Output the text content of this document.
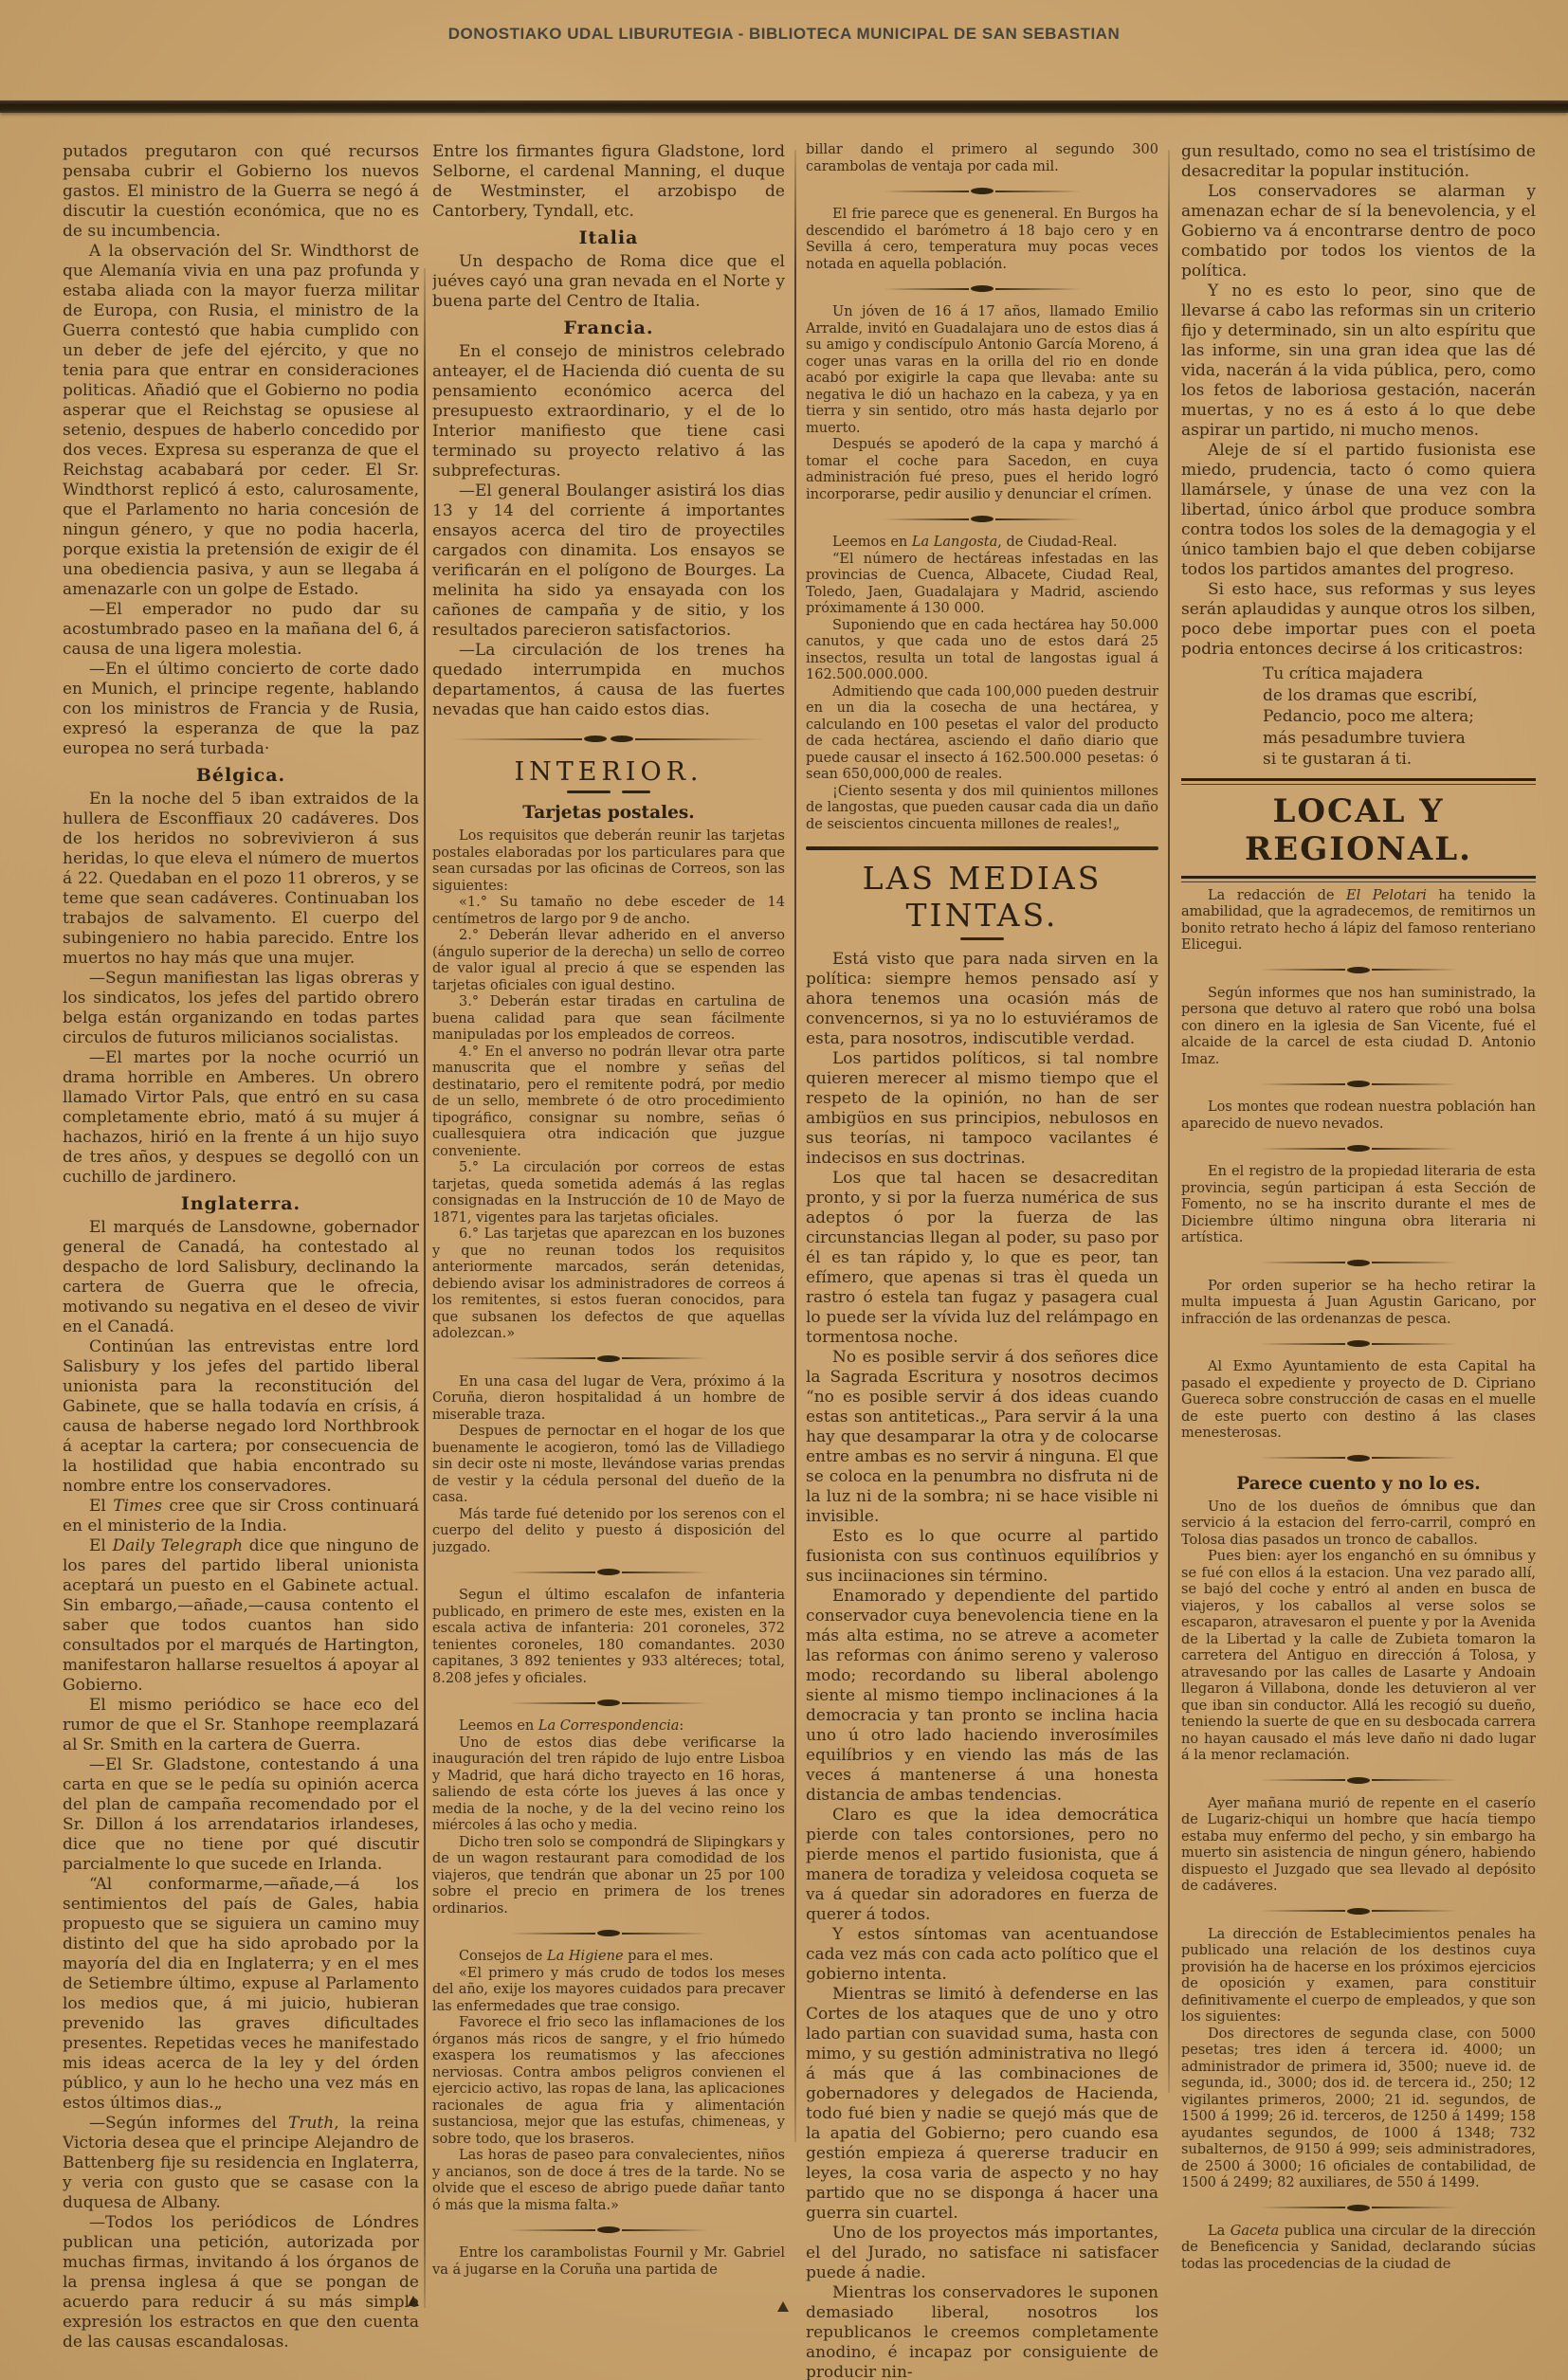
DONOSTIAKO UDAL LIBURUTEGIA - BIBLIOTECA MUNICIPAL DE SAN SEBASTIAN

putados pregutaron con qué recursos pensaba cubrir el Gobierno los nuevos gastos. El ministro de la Guerra se negó á discutir la cuestión económica, que no es de su incumbencia.

A la observación del Sr. Windthorst de que Alemanía vivia en una paz profunda y estaba aliada con la mayor fuerza militar de Europa, con Rusia, el ministro de la Guerra contestó que habia cumplido con un deber de jefe del ejército, y que no tenia para que entrar en consideraciones politicas. Añadió que el Gobierno no podia asperar que el Reichstag se opusiese al setenio, despues de haberlo concedido por dos veces. Expresa su esperanza de que el Reichstag acababará por ceder. El Sr. Windthorst replicó á esto, calurosamente, que el Parlamento no haria concesión de ningun género, y que no podia hacerla, porque existia la pretensión de exigir de él una obediencia pasiva, y aun se llegaba á amenazarle con un golpe de Estado.

—El emperador no pudo dar su acostumbrado paseo en la mañana del 6, á causa de una ligera molestia.

—En el último concierto de corte dado en Munich, el principe regente, hablando con los ministros de Francia y de Rusia, expresó la esperanza de que la paz europea no será turbada·

Bélgica.

En la noche del 5 iban extraidos de la hullera de Esconffiaux 20 cadáveres. Dos de los heridos no sobrevivieron á sus heridas, lo que eleva el número de muertos á 22. Quedaban en el pozo 11 obreros, y se teme que sean cadáveres. Continuaban los trabajos de salvamento. El cuerpo del subingeniero no habia parecido. Entre los muertos no hay más que una mujer.

—Segun manifiestan las ligas obreras y los sindicatos, los jefes del partido obrero belga están organizando en todas partes circulos de futuros milicianos socialistas.

—El martes por la noche ocurrió un drama horrible en Amberes. Un obrero llamado Virtor Pals, que entró en su casa completamente ebrio, mató á su mujer á hachazos, hirió en la frente á un hijo suyo de tres años, y despues se degolló con un cuchillo de jardinero.

Inglaterra.

El marqués de Lansdowne, gobernador general de Canadá, ha contestado al despacho de lord Salisbury, declinando la cartera de Guerra que le ofrecia, motivando su negativa en el deseo de vivir en el Canadá.

Continúan las entrevistas entre lord Salisbury y los jefes del partido liberal unionista para la reconstitución del Gabinete, que se halla todavía en crísis, á causa de haberse negado lord Northbrook á aceptar la cartera; por consecuencia de la hostilidad que habia encontrado su nombre entre los conservadores.

El Times cree que sir Cross continuará en el ministerio de la India.

El Daily Telegraph dice que ninguno de los pares del partido liberal unionista aceptará un puesto en el Gabinete actual. Sin embargo,—añade,—causa contento el saber que todos cuantos han sido consultados por el marqués de Hartington, manifestaron hallarse resueltos á apoyar al Gobierno.

El mismo periódico se hace eco del rumor de que el Sr. Stanhope reemplazará al Sr. Smith en la cartera de Guerra.

—El Sr. Gladstone, contestando á una carta en que se le pedía su opinión acerca del plan de campaña recomendado por el Sr. Dillon á los arrendatarios irlandeses, dice que no tiene por qué discutir parcialmente lo que sucede en Irlanda.

“Al conformarme,—añade,—á los sentimientos del país de Gales, habia propuesto que se siguiera un camino muy distinto del que ha sido aprobado por la mayoría del dia en Inglaterra; y en el mes de Setiembre último, expuse al Parlamento los medios que, á mi juicio, hubieran prevenido las graves dificultades presentes. Repetidas veces he manifestado mis ideas acerca de la ley y del órden público, y aun lo he hecho una vez más en estos últimos dias.„

—Según informes del Truth, la reina Victoria desea que el principe Alejandro de Battenberg fije su residencia en Inglaterra, y veria con gusto que se casase con la duquesa de Albany.

—Todos los periódicos de Lóndres publican una petición, autorizada por muchas firmas, invitando á los órganos de la prensa inglesa á que se pongan de acuerdo para reducir á su más simple expresión los estractos en que den cuenta de las causas escandalosas.

Entre los firmantes figura Gladstone, lord Selborne, el cardenal Manning, el duque de Westminster, el arzobispo de Cantorbery, Tyndall, etc.

Italia

Un despacho de Roma dice que el juéves cayó una gran nevada en el Norte y buena parte del Centro de Italia.

Francia.

En el consejo de ministros celebrado anteayer, el de Hacienda dió cuenta de su pensamiento económico acerca del presupuesto extraordinario, y el de lo Interior manifiesto que tiene casi terminado su proyecto relativo á las subprefecturas.

—El general Boulanger asistirá los dias 13 y 14 del corriente á importantes ensayos acerca del tiro de proyectiles cargados con dinamita. Los ensayos se verificarán en el polígono de Bourges. La melinita ha sido ya ensayada con los cañones de campaña y de sitio, y los resultados parecieron satisfactorios.

—La circulación de los trenes ha quedado interrumpida en muchos departamentos, á causa de las fuertes nevadas que han caido estos dias.

INTERIOR.
Tarjetas postales.

Los requisitos que deberán reunir las tarjetas postales elaboradas por los particulares para que sean cursadas por las oficinas de Correos, son las siguientes:

«1.° Su tamaño no debe esceder de 14 centímetros de largo por 9 de ancho.

2.° Deberán llevar adherido en el anverso (ángulo superior de la derecha) un sello de correo de valor igual al precio á que se espenden las tarjetas oficiales con igual destino.

3.° Deberán estar tiradas en cartulina de buena calidad para que sean fácilmente manipuladas por los empleados de correos.

4.° En el anverso no podrán llevar otra parte manuscrita que el nombre y señas del destinatario, pero el remitente podrá, por medio de un sello, membrete ó de otro procedimiento tipográfico, consignar su nombre, señas ó cuallesquiera otra indicación que juzgue conveniente.

5.° La circulación por correos de estas tarjetas, queda sometida además á las reglas consignadas en la Instrucción de 10 de Mayo de 1871, vigentes para las tarjetas oficiales.

6.° Las tarjetas que aparezcan en los buzones y que no reunan todos los requisitos anteriormente marcados, serán detenidas, debiendo avisar los administradores de correos á los remitentes, si estos fueran conocidos, para que subsanen los defectos de que aquellas adolezcan.»

En una casa del lugar de Vera, próximo á la Coruña, dieron hospitalidad á un hombre de miserable traza.

Despues de pernoctar en el hogar de los que buenamente le acogieron, tomó las de Villadiego sin decir oste ni moste, llevándose varias prendas de vestir y la cédula personal del dueño de la casa.

Más tarde fué detenido por los serenos con el cuerpo del delito y puesto á disposición del juzgado.

Segun el último escalafon de infanteria publicado, en primero de este mes, existen en la escala activa de infanteria: 201 coroneles, 372 tenientes coroneles, 180 comandantes. 2030 capitanes, 3 892 tenientes y 933 altéreces; total, 8.208 jefes y oficiales.

Leemos en La Correspondencia:

Uno de estos dias debe verificarse la inauguración del tren rápido de lujo entre Lisboa y Madrid, que hará dicho trayecto en 16 horas, saliendo de esta córte los jueves á las once y media de la noche, y de la del vecino reino los miércoles á las ocho y media.

Dicho tren solo se compondrá de Slipingkars y de un wagon restaurant para comodidad de los viajeros, que tendrán que abonar un 25 por 100 sobre el precio en primera de los trenes ordinarios.

Consejos de La Higiene para el mes.

«El primero y más crudo de todos los meses del año, exije los mayores cuidados para precaver las enfermedades que trae consigo.

Favorece el frio seco las inflamaciones de los órganos más ricos de sangre, y el frio húmedo exaspera los reumatismos y las afecciones nerviosas. Contra ambos peligros convienen el ejercicio activo, las ropas de lana, las aplicaciones racionales de agua fria y alimentación sustanciosa, mejor que las estufas, chimeneas, y sobre todo, que los braseros.

Las horas de paseo para convalecientes, niños y ancianos, son de doce á tres de la tarde. No se olvide que el esceso de abrigo puede dañar tanto ó más que la misma falta.»

Entre los carambolistas Fournil y Mr. Gabriel va á jugarse en la Coruña una partida de

billar dando el primero al segundo 300 carambolas de ventaja por cada mil.

El frie parece que es geneneral. En Burgos ha descendido el barómetro á 18 bajo cero y en Sevilla á cero, temperatura muy pocas veces notada en aquella población.

Un jóven de 16 á 17 años, llamado Emilio Arralde, invitó en Guadalajara uno de estos dias á su amigo y condiscípulo Antonio García Moreno, á coger unas varas en la orilla del rio en donde acabó por exigirle la capa que llevaba: ante su negativa le dió un hachazo en la cabeza, y ya en tierra y sin sentido, otro más hasta dejarlo por muerto.

Después se apoderó de la capa y marchó á tomar el coche para Sacedon, en cuya administración fué preso, pues el herido logró incorporarse, pedir ausilio y denunciar el crímen.

Leemos en La Langosta, de Ciudad-Real.

“El número de hectáreas infestadas en las provincias de Cuenca, Albacete, Ciudad Real, Toledo, Jaen, Guadalajara y Madrid, asciendo próximamente á 130 000.

Suponiendo que en cada hectárea hay 50.000 canutos, y que cada uno de estos dará 25 insectos, resulta un total de langostas igual á 162.500.000.000.

Admitiendo que cada 100,000 pueden destruir en un dia la cosecha de una hectárea, y calculando en 100 pesetas el valor del producto de cada hectárea, asciendo el daño diario que puede causar el insecto á 162.500.000 pesetas: ó sean 650,000,000 de reales.

¡Ciento sesenta y dos mil quinientos millones de langostas, que pueden causar cada dia un daño de seiscientos cincuenta millones de reales!„

LAS MEDIAS TINTAS.

Está visto que para nada sirven en la política: siempre hemos pensado así y ahora tenemos una ocasión más de convencernos, si ya no lo estuviéramos de esta, para nosotros, indiscutible verdad.

Los partidos políticos, si tal nombre quieren merecer al mismo tiempo que el respeto de la opinión, no han de ser ambigüos en sus principios, nebulosos en sus teorías, ni tampoco vacilantes é indecisos en sus doctrinas.

Los que tal hacen se desacreditan pronto, y si por la fuerza numérica de sus adeptos ó por la fuerza de las circunstancias llegan al poder, su paso por él es tan rápido y, lo que es peor, tan efímero, que apenas si tras èl queda un rastro ó estela tan fugaz y pasagera cual lo puede ser la vívida luz del relámpago en tormentosa noche.

No es posible servir á dos señores dice la Sagrada Escritura y nosotros decimos “no es posible servir á dos ideas cuando estas son antiteticas.„ Para servir á la una hay que desamparar la otra y de colocarse entre ambas es no servir á ninguna. El que se coloca en la penumbra no disfruta ni de la luz ni de la sombra; ni se hace visible ni invisible.

Esto es lo que ocurre al partido fusionista con sus contìnuos equilíbrios y sus inciinaciones sin término.

Enamorado y dependiente del partido conservador cuya benevolencia tiene en la más alta estima, no se atreve a acometer las reformas con ánimo sereno y valeroso modo; recordando su liberal abolengo siente al mismo tiempo inclinaciones á la democracia y tan pronto se inclina hacia uno ú otro lado haciendo inverosímiles equilíbrios y en viendo las más de las veces á mantenerse á una honesta distancia de ambas tendencias.

Claro es que la idea democrática pierde con tales contorsiones, pero no pierde menos el partido fusionista, que á manera de toradiza y veleidosa coqueta se va á quedar sin adoradores en fuerza de querer á todos.

Y estos síntomas van acentuandose cada vez más con cada acto político que el gobierno intenta.

Mientras se limitó à defenderse en las Cortes de los ataques que de uno y otro lado partian con suavidad suma, hasta con mimo, y su gestión administrativa no llegó á más que á las combinaciones de gobernadores y delegados de Hacienda, todo fué bien y nadie se quejó más que de la apatia del Gobierno; pero cuando esa gestión empieza á quererse traducir en leyes, la cosa varia de aspecto y no hay partido que no se disponga á hacer una guerra sin cuartel.

Uno de los proyectos más importantes, el del Jurado, no satisface ni satisfacer puede á nadie.

Mientras los conservadores le suponen demasiado liberal, nosotros los republicanos le creemos completamente anodino, é incapaz por consiguiente de producir nin-

gun resultado, como no sea el tristísimo de desacreditar la popular institución.

Los conservadores se alarman y amenazan echar de sí la benevolencia, y el Gobierno va á encontrarse dentro de poco combatido por todos los vientos de la política.

Y no es esto lo peor, sino que de llevarse á cabo las reformas sin un criterio fijo y determinado, sin un alto espíritu que las informe, sin una gran idea que las dé vida, nacerán á la vida pública, pero, como los fetos de laboriosa gestación, nacerán muertas, y no es á esto á lo que debe aspirar un partido, ni mucho menos.

Aleje de sí el partido fusionista ese miedo, prudencia, tacto ó como quiera llamársele, y únase de una vez con la libertad, único árbol que produce sombra contra todos los soles de la demagogia y el único tambien bajo el que deben cobijarse todos los partidos amantes del progreso.

Si esto hace, sus reformas y sus leyes serán aplaudidas y aunque otros los silben, poco debe importar pues con el poeta podria entonces decirse á los criticastros:

Tu crítica majadera
de los dramas que escribí,
Pedancio, poco me altera;
más pesadumbre tuviera
si te gustaran á ti.
LOCAL Y REGIONAL.

La redacción de El Pelotari ha tenido la amabilidad, que la agradecemos, de remitirnos un bonito retrato hecho á lápiz del famoso renteriano Elicegui.

Según informes que nos han suministrado, la persona que detuvo al ratero que robó una bolsa con dinero en la iglesia de San Vicente, fué el alcaide de la carcel de esta ciudad D. Antonio Imaz.

Los montes que rodean nuestra población han aparecido de nuevo nevados.

En el registro de la propiedad literaria de esta provincia, según participan á esta Sección de Fomento, no se ha inscrito durante el mes de Diciembre último ninguna obra literaria ni artística.

Por orden superior se ha hecho retirar la multa impuesta á Juan Agustin Garicano, por infracción de las ordenanzas de pesca.

Al Exmo Ayuntamiento de esta Capital ha pasado el expediente y proyecto de D. Cipriano Guereca sobre construcción de casas en el muelle de este puerto con destino á las clases menesterosas.

Parece cuento y no lo es.

Uno de los dueños de ómnibus que dan servicio á la estacion del ferro-carril, compró en Tolosa dias pasados un tronco de caballos.

Pues bien: ayer los enganchó en su ómnibus y se fué con ellos á la estacion. Una vez parado allí, se bajó del coche y entró al anden en busca de viajeros, y los caballos al verse solos se escaparon, atravesaron el puente y por la Avenida de la Libertad y la calle de Zubieta tomaron la carretera del Antiguo en dirección á Tolosa, y atravesando por las calles de Lasarte y Andoain llegaron á Villabona, donde les detuvieron al ver que iban sin conductor. Allá les recogió su dueño, teniendo la suerte de que en su desbocada carrera no hayan causado el más leve daño ni dado lugar á la menor reclamación.

Ayer mañana murió de repente en el caserío de Lugariz-chiqui un hombre que hacía tiempo estaba muy enfermo del pecho, y sin embargo ha muerto sin asistencia de ningun género, habiendo dispuesto el Juzgado que sea llevado al depósito de cadáveres.

La dirección de Establecimientos penales ha publicado una relación de los destinos cuya provisión ha de hacerse en los próximos ejercicios de oposición y examen, para constituir definitivamente el cuerpo de empleados, y que son los siguientes:

Dos directores de segunda clase, con 5000 pesetas; tres iden á tercera id. 4000; un administrador de primera id, 3500; nueve id. de segunda, id., 3000; dos id. de tercera id., 250; 12 vigilantes primeros, 2000; 21 id. segundos, de 1500 á 1999; 26 id. terceros, de 1250 á 1499; 158 ayudantes segundos, de 1000 á 1348; 732 subalternos, de 9150 á 999; seis administradores, de 2500 á 3000; 16 oficiales de contabilidad, de 1500 á 2499; 82 auxiliares, de 550 á 1499.

La Gaceta publica una circular de la dirección de Beneficencia y Sanidad, declarando súcias todas las procedencias de la ciudad de
